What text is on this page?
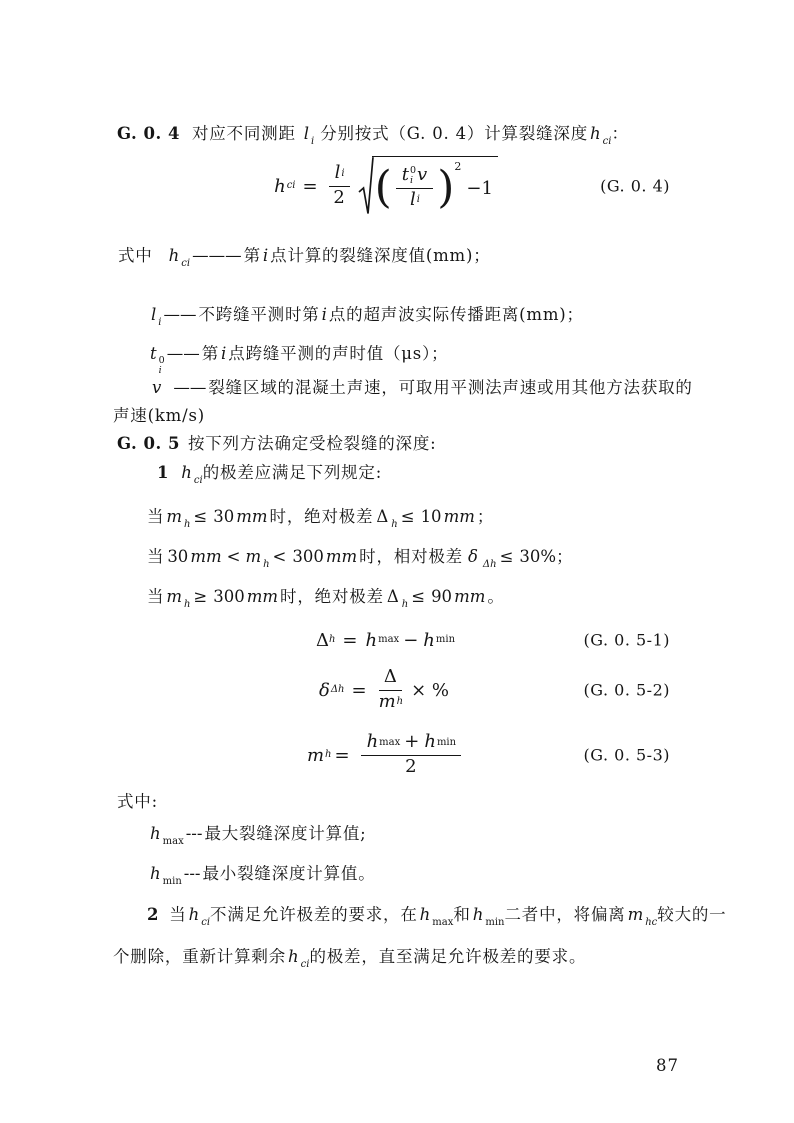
G. 0. 4 对应不同测距 l $_i$ 分别按式（G. 0. 4）计算裂缝深度 h $_{ci}$：
h ci = $\frac{\text{l i}}{2}$ ( t 0
i v
l i ) 2
−1	(G. 0. 4)
式中 h $_{ci}$ ——— 第 i 点计算的裂缝深度值(mm)；
l $_i$ —— 不跨缝平测时第 i 点的超声波实际传播距离(mm)；
t 0
i
—— 第 i 点跨缝平测的声时值（μs）；
v —— 裂缝区域的混凝土声速，可取用平测法声速或用其他方法获取的
声速(km/s)
G. 0. 5 按下列方法确定受检裂缝的深度:
1 h $_{ci}$的极差应满足下列规定:
当 m $_h$ ≤ 30 mm 时，绝对极差 Δ $_h$ ≤ 10 mm ；
当 30 mm < m $_h$ < 300 mm 时，相对极差 δ $_{\Delta h}$ ≤ 30%；
当 m $_h$ ≥ 300 mm 时，绝对极差 Δ $_h$ ≤ 90 mm 。
Δ h = h max − h min	(G. 0. 5-1)
δ $\Delta h = \frac{\Delta}{\text{m h}}$ × %	(G. 0. 5-2)
m $h = \frac{\text{h max + h min}}{2}$	(G. 0. 5-3)
式中:
h $_{max}$ --- 最大裂缝深度计算值;
h $_{min}$ --- 最小裂缝深度计算值。
2 当 h $_{ci}$不满足允许极差的要求，在 h $_{max}$和 h $_{min}$二者中，将偏离 m $_{hc}$较大的一
个删除，重新计算剩余 h $_{ci}$的极差，直至满足允许极差的要求。
87
